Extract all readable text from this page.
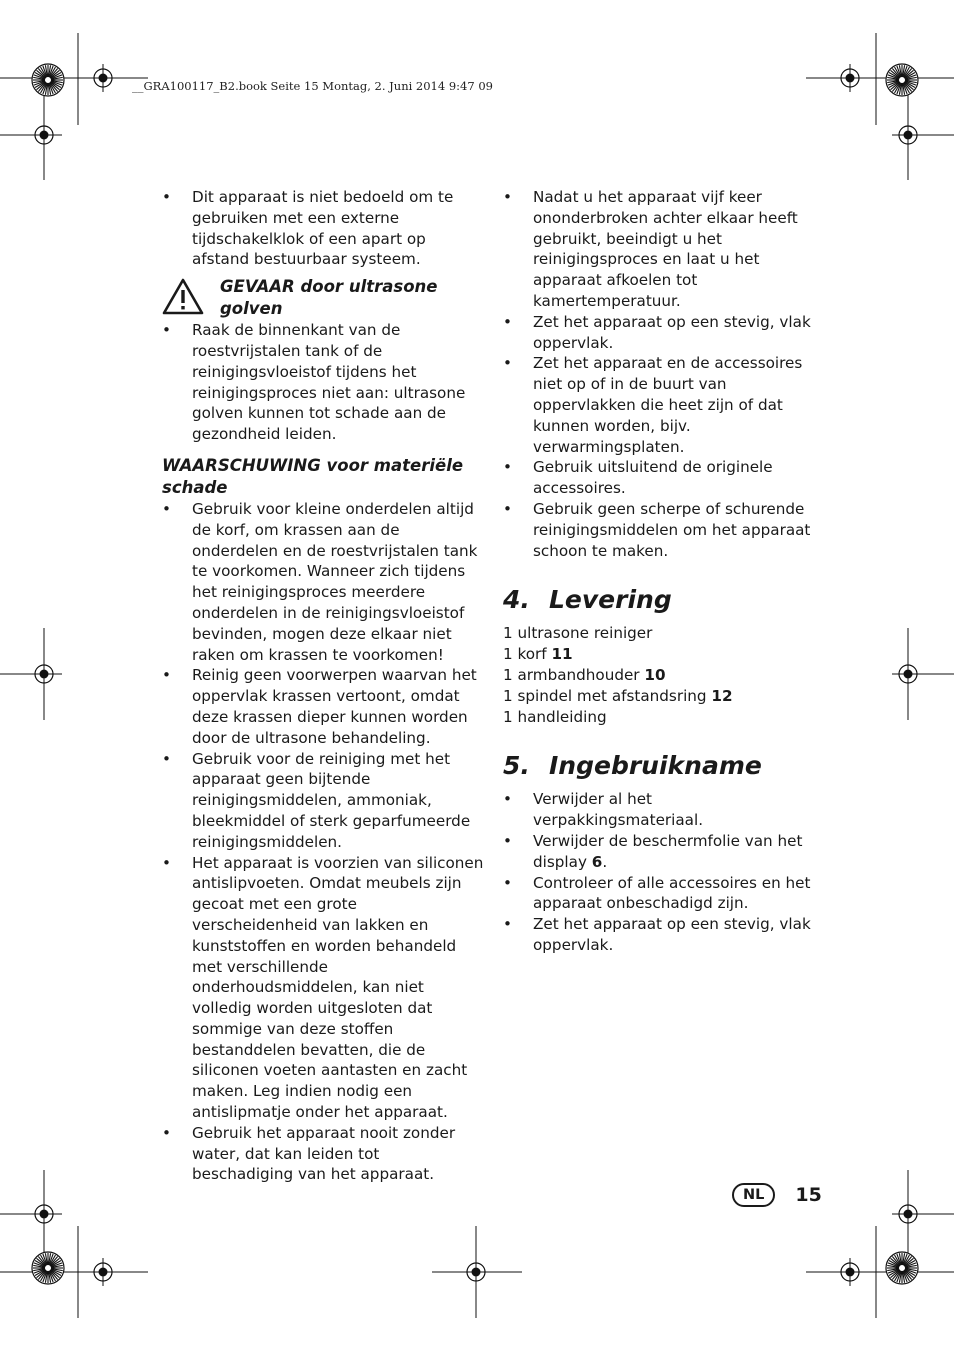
__GRA100117_B2.book Seite 15 Montag, 2. Juni 2014 9:47 09
• Dit apparaat is niet bedoeld om te gebruiken met een externe tijdschakelklok of een apart op afstand bestuurbaar systeem.
GEVAAR door ultrasone golven
• Raak de binnenkant van de roestvrijstalen tank of de reinigingsvloeistof tijdens het reinigingsproces niet aan: ultrasone golven kunnen tot schade aan de gezondheid leiden.
WAARSCHUWING voor materiële schade
• Gebruik voor kleine onderdelen altijd de korf, om krassen aan de onderdelen en de roestvrijstalen tank te voorkomen. Wanneer zich tijdens het reinigingsproces meerdere onderdelen in de reinigingsvloeistof bevinden, mogen deze elkaar niet raken om krassen te voorkomen!
• Reinig geen voorwerpen waarvan het oppervlak krassen vertoont, omdat deze krassen dieper kunnen worden door de ultrasone behandeling.
• Gebruik voor de reiniging met het apparaat geen bijtende reinigingsmiddelen, ammoniak, bleekmiddel of sterk geparfumeerde reinigingsmiddelen.
• Het apparaat is voorzien van siliconen antislipvoeten. Omdat meubels zijn gecoat met een grote verscheidenheid van lakken en kunststoffen en worden behandeld met verschillende onderhoudsmiddelen, kan niet volledig worden uitgesloten dat sommige van deze stoffen bestanddelen bevatten, die de siliconen voeten aantasten en zacht maken. Leg indien nodig een antislipmatje onder het apparaat.
• Gebruik het apparaat nooit zonder water, dat kan leiden tot beschadiging van het apparaat.
• Nadat u het apparaat vijf keer ononderbroken achter elkaar heeft gebruikt, beeindigt u het reinigingsproces en laat u het apparaat afkoelen tot kamertemperatuur.
• Zet het apparaat op een stevig, vlak oppervlak.
• Zet het apparaat en de accessoires niet op of in de buurt van oppervlakken die heet zijn of dat kunnen worden, bijv. verwarmingsplaten.
• Gebruik uitsluitend de originele accessoires.
• Gebruik geen scherpe of schurende reinigingsmiddelen om het apparaat schoon te maken.
4. Levering
1 ultrasone reiniger
1 korf 11
1 armbandhouder 10
1 spindel met afstandsring 12
1 handleiding
5. Ingebruikname
• Verwijder al het verpakkingsmateriaal.
• Verwijder de beschermfolie van het display 6.
• Controleer of alle accessoires en het apparaat onbeschadigd zijn.
• Zet het apparaat op een stevig, vlak oppervlak.
NL	15
